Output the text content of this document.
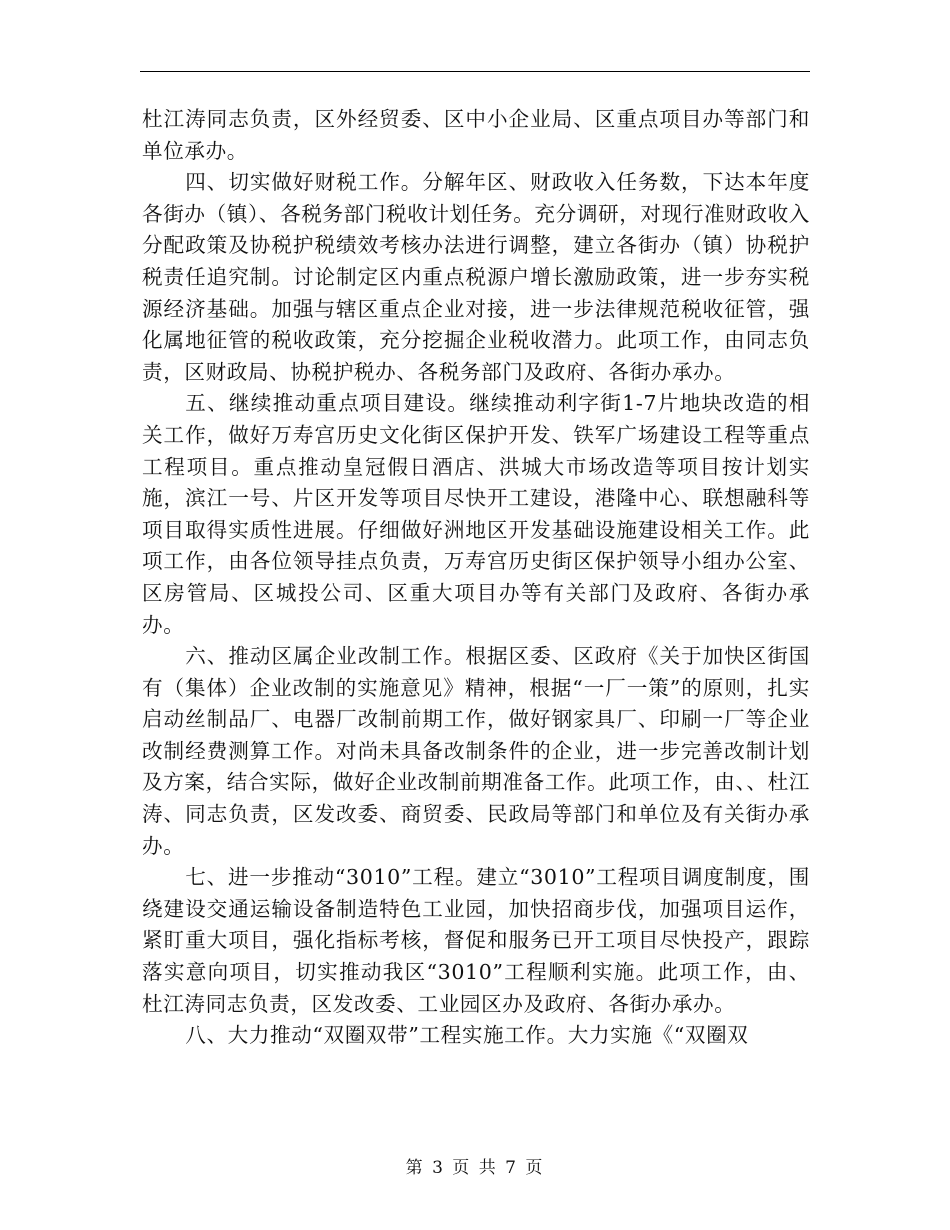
杜江涛同志负责，区外经贸委、区中小企业局、区重点项目办等部门和单位承办。

四、切实做好财税工作。分解年区、财政收入任务数，下达本年度各街办（镇）、各税务部门税收计划任务。充分调研，对现行准财政收入分配政策及协税护税绩效考核办法进行调整，建立各街办（镇）协税护税责任追究制。讨论制定区内重点税源户增长激励政策，进一步夯实税源经济基础。加强与辖区重点企业对接，进一步法律规范税收征管，强化属地征管的税收政策，充分挖掘企业税收潜力。此项工作，由同志负责，区财政局、协税护税办、各税务部门及政府、各街办承办。

五、继续推动重点项目建设。继续推动利字街1-7片地块改造的相关工作，做好万寿宫历史文化街区保护开发、铁军广场建设工程等重点工程项目。重点推动皇冠假日酒店、洪城大市场改造等项目按计划实施，滨江一号、片区开发等项目尽快开工建设，港隆中心、联想融科等项目取得实质性进展。仔细做好洲地区开发基础设施建设相关工作。此项工作，由各位领导挂点负责，万寿宫历史街区保护领导小组办公室、区房管局、区城投公司、区重大项目办等有关部门及政府、各街办承办。

六、推动区属企业改制工作。根据区委、区政府《关于加快区街国有（集体）企业改制的实施意见》精神，根据“一厂一策”的原则，扎实启动丝制品厂、电器厂改制前期工作，做好钢家具厂、印刷一厂等企业改制经费测算工作。对尚未具备改制条件的企业，进一步完善改制计划及方案，结合实际，做好企业改制前期准备工作。此项工作，由、、杜江涛、同志负责，区发改委、商贸委、民政局等部门和单位及有关街办承办。

七、进一步推动“3010”工程。建立“3010”工程项目调度制度，围绕建设交通运输设备制造特色工业园，加快招商步伐，加强项目运作，紧盯重大项目，强化指标考核，督促和服务已开工项目尽快投产，跟踪落实意向项目，切实推动我区“3010”工程顺利实施。此项工作，由、杜江涛同志负责，区发改委、工业园区办及政府、各街办承办。

八、大力推动“双圈双带”工程实施工作。大力实施《“双圈双

第 3 页 共 7 页
